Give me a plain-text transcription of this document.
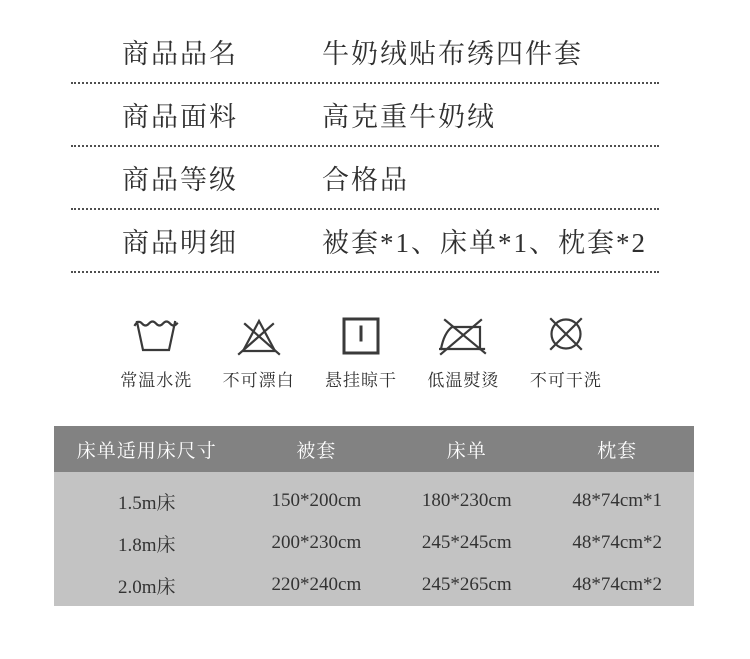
商品品名	牛奶绒贴布绣四件套
商品面料	高克重牛奶绒
商品等级	合格品
商品明细	被套*1、床单*1、枕套*2
常温水洗 不可漂白 悬挂晾干 低温熨烫 不可干洗
床单适用床尺寸	被套	床单	枕套
1.5m床	150*200cm	180*230cm	48*74cm*1
1.8m床	200*230cm	245*245cm	48*74cm*2
2.0m床	220*240cm	245*265cm	48*74cm*2
